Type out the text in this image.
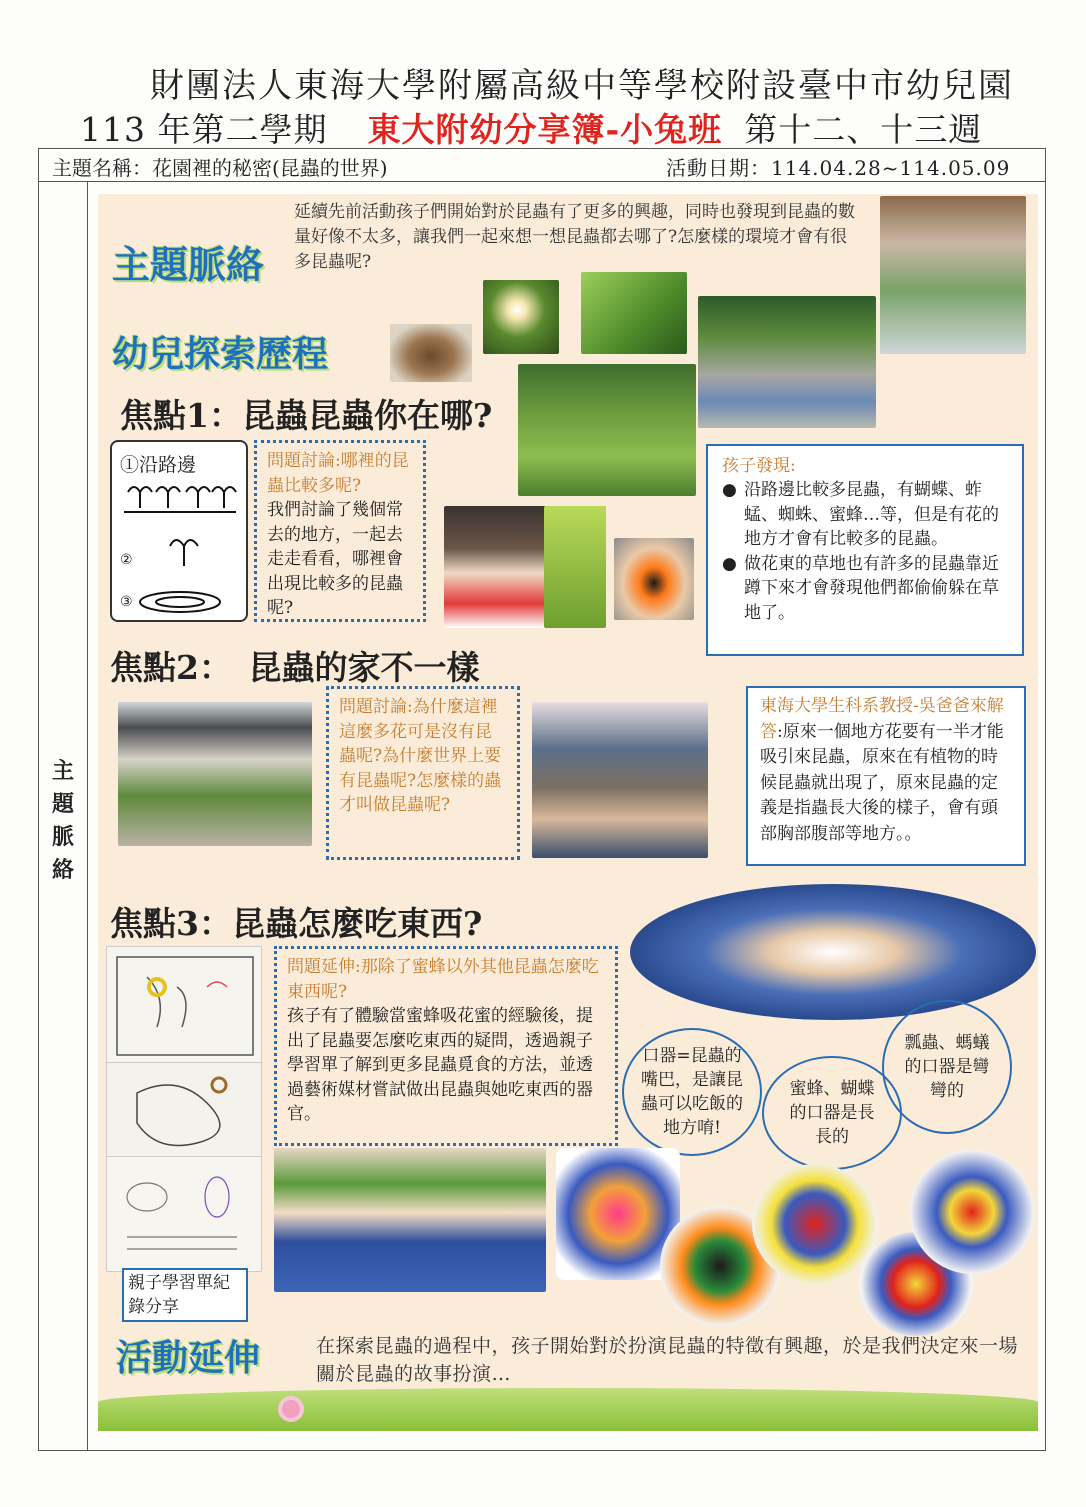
財團法人東海大學附屬高級中等學校附設臺中市幼兒園
113 年第二學期 東大附幼分享簿-小兔班 第十二、十三週
主題名稱：花園裡的秘密(昆蟲的世界)	活動日期：114.04.28~114.05.09
主
題
脈
絡
主題脈絡
延續先前活動孩子們開始對於昆蟲有了更多的興趣，同時也發現到昆蟲的數量好像不太多，讓我們一起來想一想昆蟲都去哪了?怎麼樣的環境才會有很多昆蟲呢?
幼兒探索歷程
焦點1：昆蟲昆蟲你在哪?
①沿路邊
②
③
問題討論:哪裡的昆蟲比較多呢?
我們討論了幾個常去的地方，一起去走走看看，哪裡會出現比較多的昆蟲呢?
孩子發現:
● 沿路邊比較多昆蟲，有蝴蝶、蚱蜢、蜘蛛、蜜蜂…等，但是有花的地方才會有比較多的昆蟲。
● 做花東的草地也有許多的昆蟲靠近蹲下來才會發現他們都偷偷躲在草地了。
焦點2：　昆蟲的家不一樣
問題討論:為什麼這裡這麼多花可是沒有昆蟲呢?為什麼世界上要有昆蟲呢?怎麼樣的蟲才叫做昆蟲呢?
東海大學生科系教授-吳爸爸來解答:原來一個地方花要有一半才能吸引來昆蟲，原來在有植物的時候昆蟲就出現了，原來昆蟲的定義是指蟲長大後的樣子，會有頭部胸部腹部等地方。。
焦點3：昆蟲怎麼吃東西?
親子學習單紀錄分享
問題延伸:那除了蜜蜂以外其他昆蟲怎麼吃東西呢?
孩子有了體驗當蜜蜂吸花蜜的經驗後，提出了昆蟲要怎麼吃東西的疑問，透過親子學習單了解到更多昆蟲覓食的方法，並透過藝術媒材嘗試做出昆蟲與她吃東西的器官。
口器=昆蟲的嘴巴，是讓昆蟲可以吃飯的地方唷!
蜜蜂、蝴蝶的口器是長長的
瓢蟲、螞蟻的口器是彎彎的
活動延伸	在探索昆蟲的過程中，孩子開始對於扮演昆蟲的特徵有興趣，於是我們決定來一場關於昆蟲的故事扮演…
